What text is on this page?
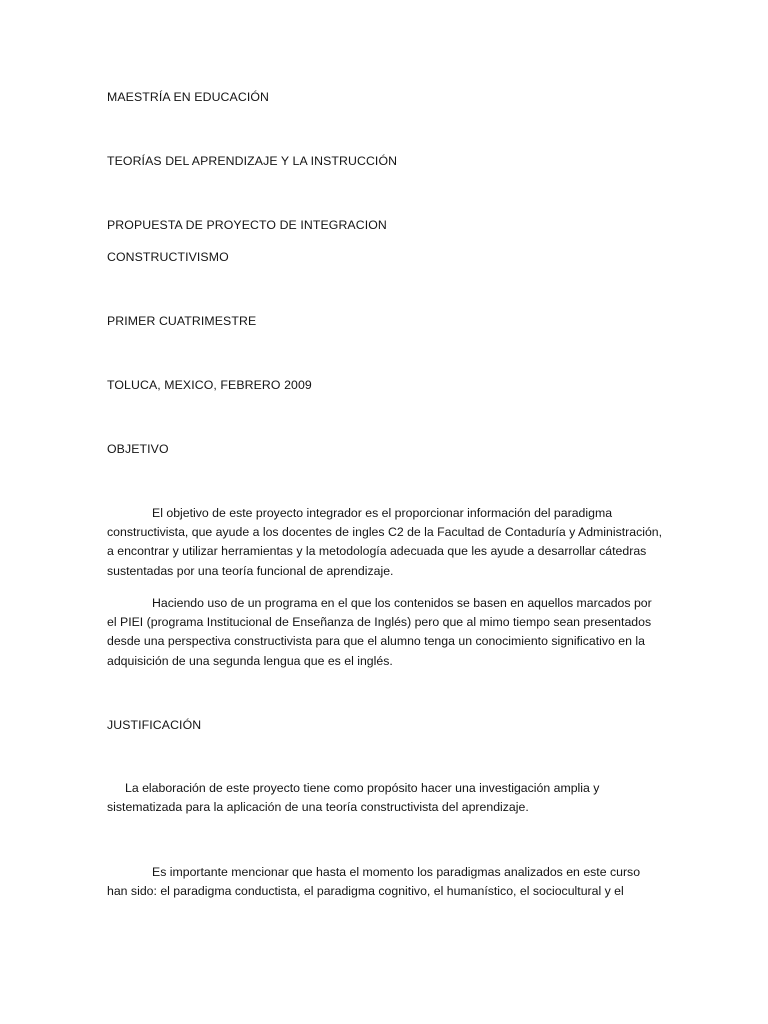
MAESTRÍA EN EDUCACIÓN

TEORÍAS DEL APRENDIZAJE Y LA INSTRUCCIÓN

PROPUESTA DE PROYECTO DE INTEGRACION

CONSTRUCTIVISMO

PRIMER CUATRIMESTRE

TOLUCA, MEXICO, FEBRERO 2009

OBJETIVO

El objetivo de este proyecto integrador es el proporcionar información del paradigma constructivista, que ayude a los docentes de ingles C2 de la Facultad de Contaduría y Administración, a encontrar y utilizar herramientas y la metodología adecuada que les ayude a desarrollar cátedras sustentadas por una teoría funcional de aprendizaje.

Haciendo uso de un programa en el que los contenidos se basen en aquellos marcados por el PIEI (programa Institucional de Enseñanza de Inglés) pero que al mimo tiempo sean presentados desde una perspectiva constructivista para que el alumno tenga un conocimiento significativo en la adquisición de una segunda lengua que es el inglés.

JUSTIFICACIÓN

La elaboración de este proyecto tiene como propósito hacer una investigación amplia y sistematizada para la aplicación de una teoría constructivista del aprendizaje.

Es importante mencionar que hasta el momento los paradigmas analizados en este curso han sido: el paradigma conductista, el paradigma cognitivo, el humanístico, el sociocultural y el
